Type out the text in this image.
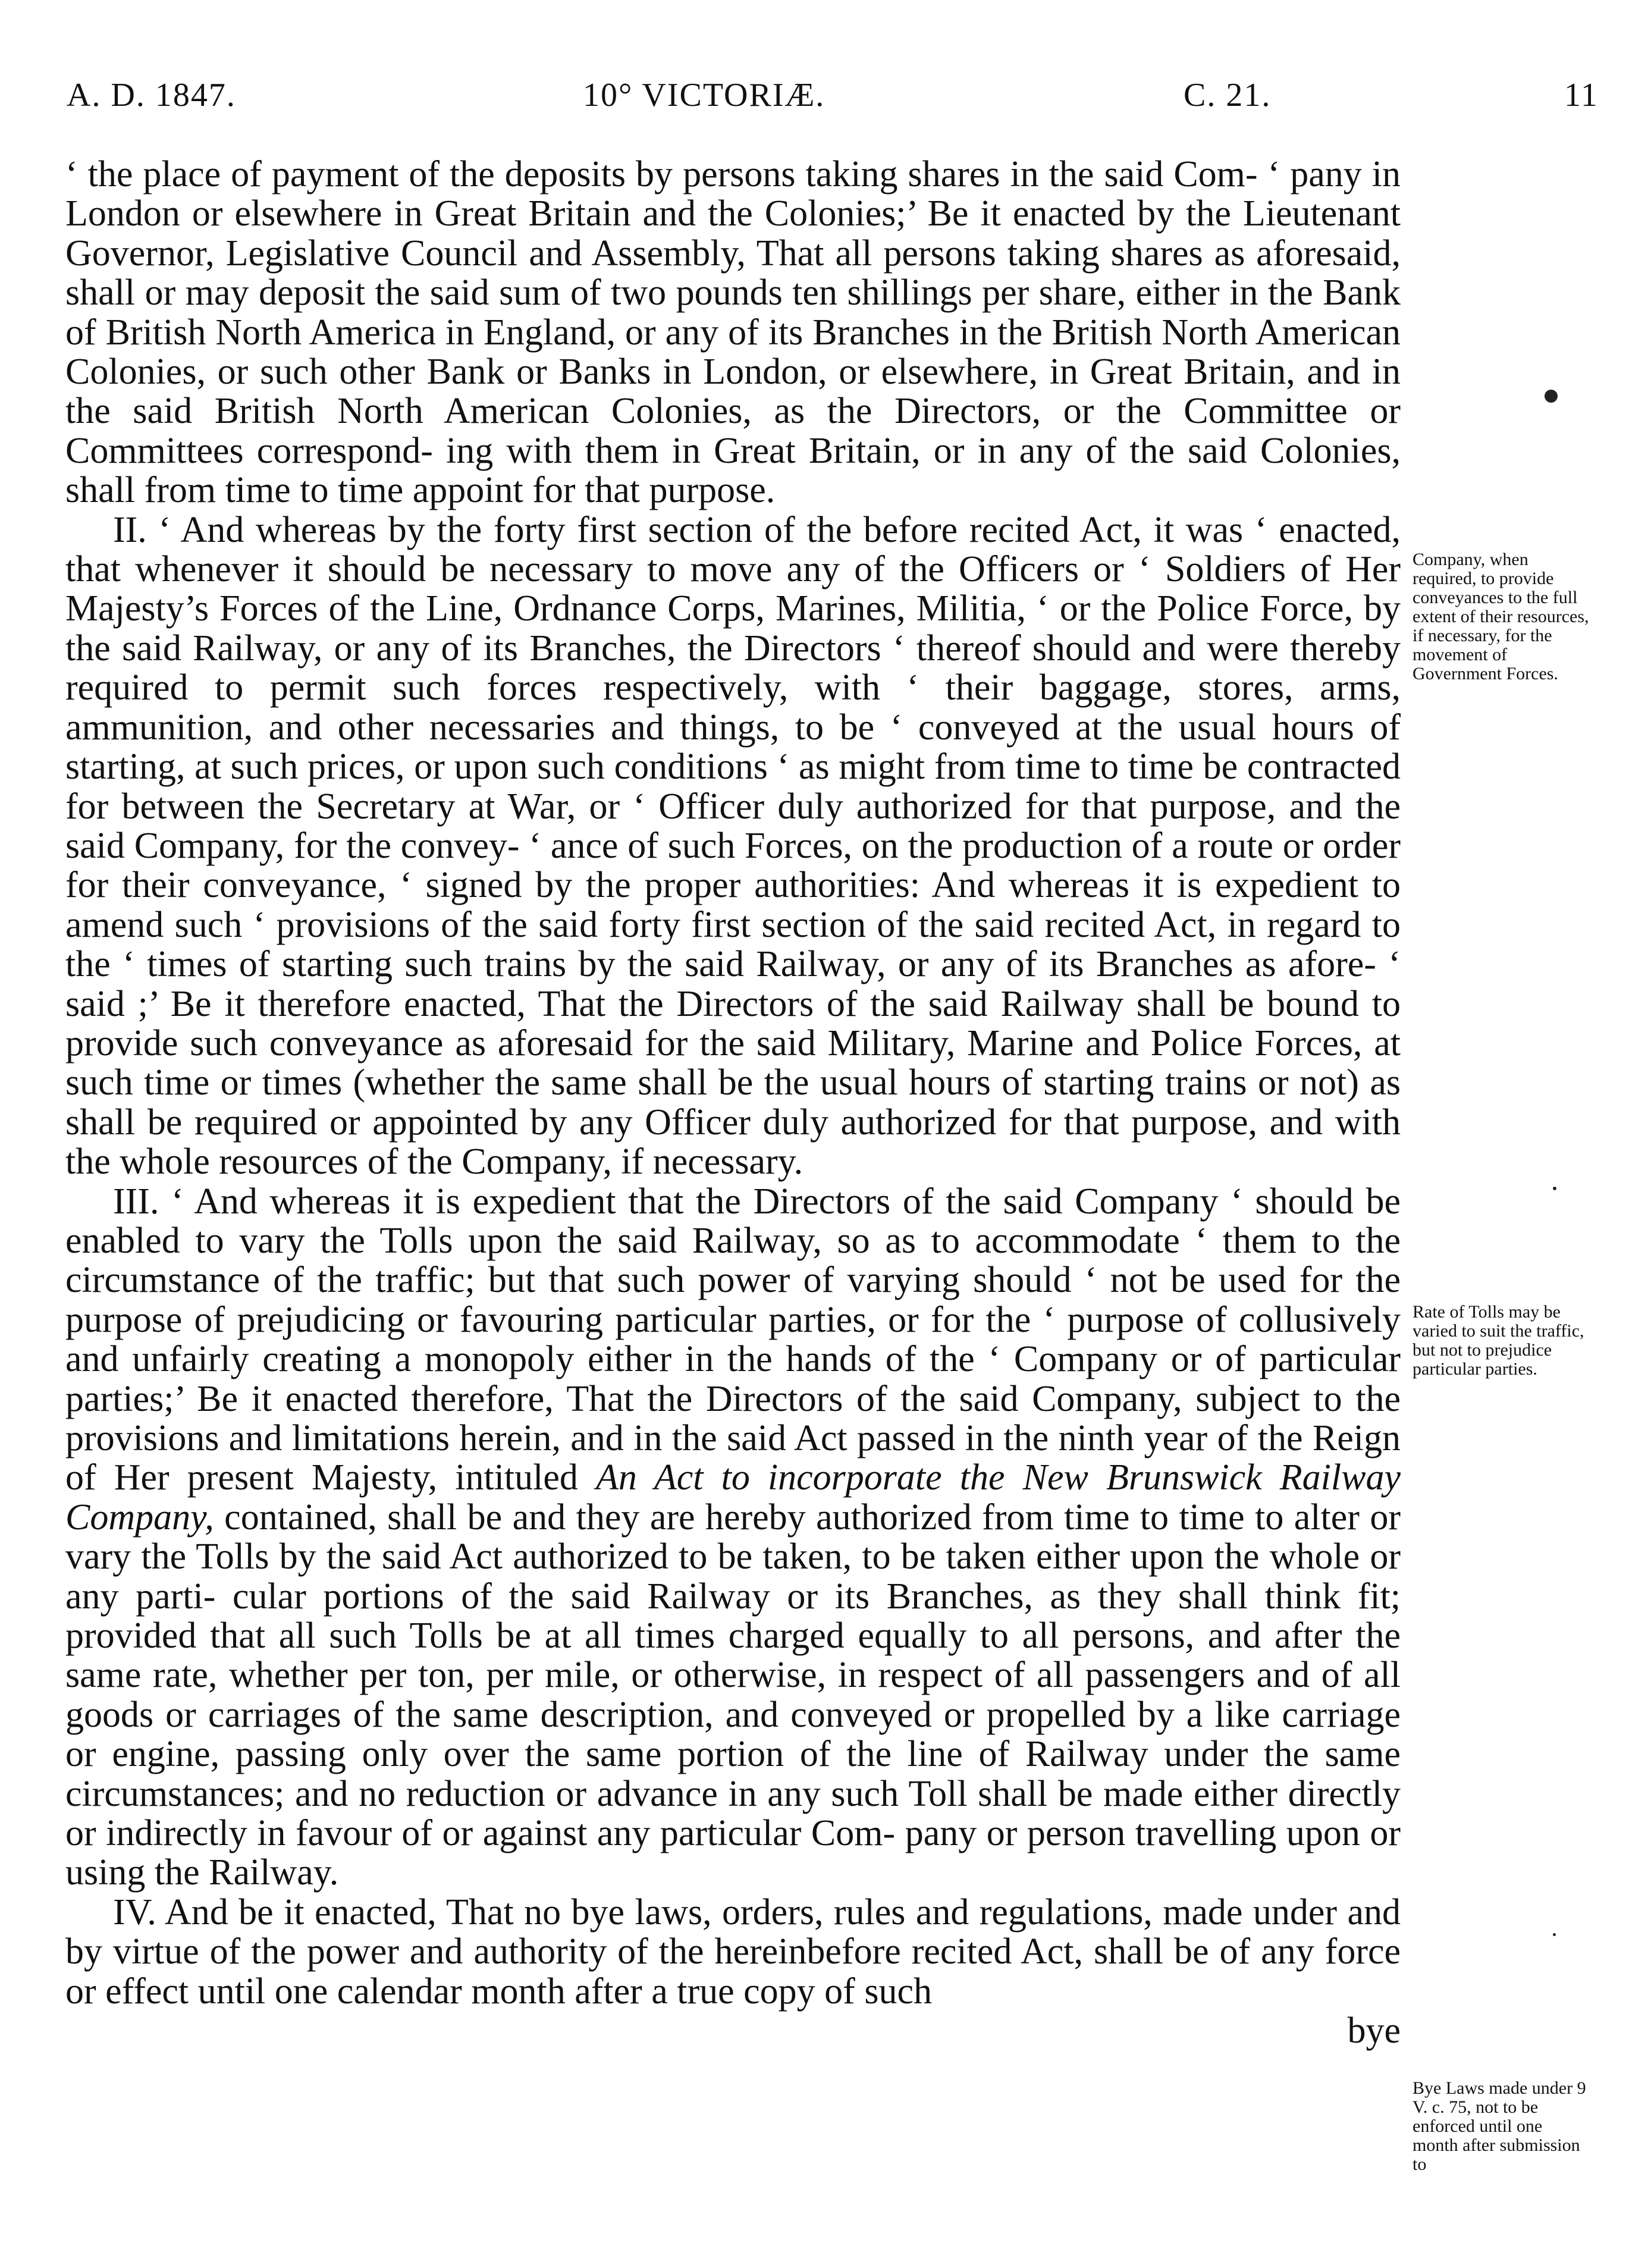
A. D. 1847.	10° VICTORIÆ.	C. 21.	11

‘ the place of payment of the deposits by persons taking shares in the said Com- ‘ pany in London or elsewhere in Great Britain and the Colonies;’ Be it enacted by the Lieutenant Governor, Legislative Council and Assembly, That all persons taking shares as aforesaid, shall or may deposit the said sum of two pounds ten shillings per share, either in the Bank of British North America in England, or any of its Branches in the British North American Colonies, or such other Bank or Banks in London, or elsewhere, in Great Britain, and in the said British North American Colonies, as the Directors, or the Committee or Committees correspond- ing with them in Great Britain, or in any of the said Colonies, shall from time to time appoint for that purpose.

II. ‘ And whereas by the forty first section of the before recited Act, it was ‘ enacted, that whenever it should be necessary to move any of the Officers or ‘ Soldiers of Her Majesty’s Forces of the Line, Ordnance Corps, Marines, Militia, ‘ or the Police Force, by the said Railway, or any of its Branches, the Directors ‘ thereof should and were thereby required to permit such forces respectively, with ‘ their baggage, stores, arms, ammunition, and other necessaries and things, to be ‘ conveyed at the usual hours of starting, at such prices, or upon such conditions ‘ as might from time to time be contracted for between the Secretary at War, or ‘ Officer duly authorized for that purpose, and the said Company, for the convey- ‘ ance of such Forces, on the production of a route or order for their conveyance, ‘ signed by the proper authorities: And whereas it is expedient to amend such ‘ provisions of the said forty first section of the said recited Act, in regard to the ‘ times of starting such trains by the said Railway, or any of its Branches as afore- ‘ said ;’ Be it therefore enacted, That the Directors of the said Railway shall be bound to provide such conveyance as aforesaid for the said Military, Marine and Police Forces, at such time or times (whether the same shall be the usual hours of starting trains or not) as shall be required or appointed by any Officer duly authorized for that purpose, and with the whole resources of the Company, if necessary.

III. ‘ And whereas it is expedient that the Directors of the said Company ‘ should be enabled to vary the Tolls upon the said Railway, so as to accommodate ‘ them to the circumstance of the traffic; but that such power of varying should ‘ not be used for the purpose of prejudicing or favouring particular parties, or for the ‘ purpose of collusively and unfairly creating a monopoly either in the hands of the ‘ Company or of particular parties;’ Be it enacted therefore, That the Directors of the said Company, subject to the provisions and limitations herein, and in the said Act passed in the ninth year of the Reign of Her present Majesty, intituled An Act to incorporate the New Brunswick Railway Company, contained, shall be and they are hereby authorized from time to time to alter or vary the Tolls by the said Act authorized to be taken, to be taken either upon the whole or any parti- cular portions of the said Railway or its Branches, as they shall think fit; provided that all such Tolls be at all times charged equally to all persons, and after the same rate, whether per ton, per mile, or otherwise, in respect of all passengers and of all goods or carriages of the same description, and conveyed or propelled by a like carriage or engine, passing only over the same portion of the line of Railway under the same circumstances; and no reduction or advance in any such Toll shall be made either directly or indirectly in favour of or against any particular Com- pany or person travelling upon or using the Railway.

IV. And be it enacted, That no bye laws, orders, rules and regulations, made under and by virtue of the power and authority of the hereinbefore recited Act, shall be of any force or effect until one calendar month after a true copy of such

bye

Company, when required, to provide conveyances to the full extent of their resources, if necessary, for the movement of Government Forces.
Rate of Tolls may be varied to suit the traffic, but not to prejudice particular parties.
Bye Laws made under 9 V. c. 75, not to be enforced until one month after submission to
